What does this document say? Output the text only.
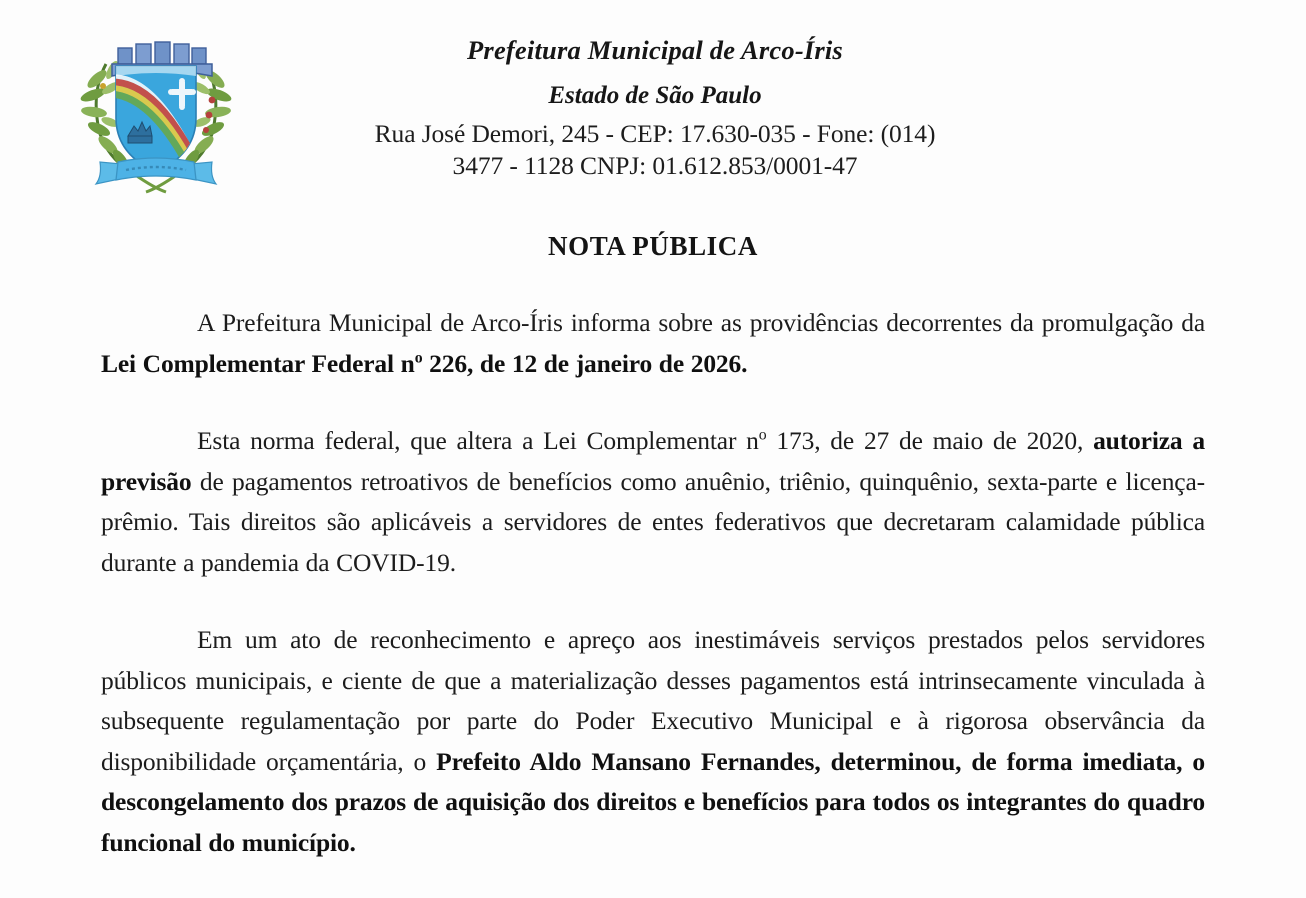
Prefeitura Municipal de Arco-Íris
Estado de São Paulo
Rua José Demori, 245 - CEP: 17.630-035 - Fone: (014)
3477 - 1128 CNPJ: 01.612.853/0001-47
NOTA PÚBLICA

A Prefeitura Municipal de Arco-Íris informa sobre as providências decorrentes da promulgação da Lei Complementar Federal $n^o$ 226, de 12 de janeiro de 2026.

Esta norma federal, que altera a Lei Complementar $n^o$ 173, de 27 de maio de 2020, autoriza a previsão de pagamentos retroativos de benefícios como anuênio, triênio, quinquênio, sexta-parte e licença-prêmio. Tais direitos são aplicáveis a servidores de entes federativos que decretaram calamidade pública durante a pandemia da COVID-19.

Em um ato de reconhecimento e apreço aos inestimáveis serviços prestados pelos servidores públicos municipais, e ciente de que a materialização desses pagamentos está intrinsecamente vinculada à subsequente regulamentação por parte do Poder Executivo Municipal e à rigorosa observância da disponibilidade orçamentária, o Prefeito Aldo Mansano Fernandes, determinou, de forma imediata, o descongelamento dos prazos de aquisição dos direitos e benefícios para todos os integrantes do quadro funcional do município.
